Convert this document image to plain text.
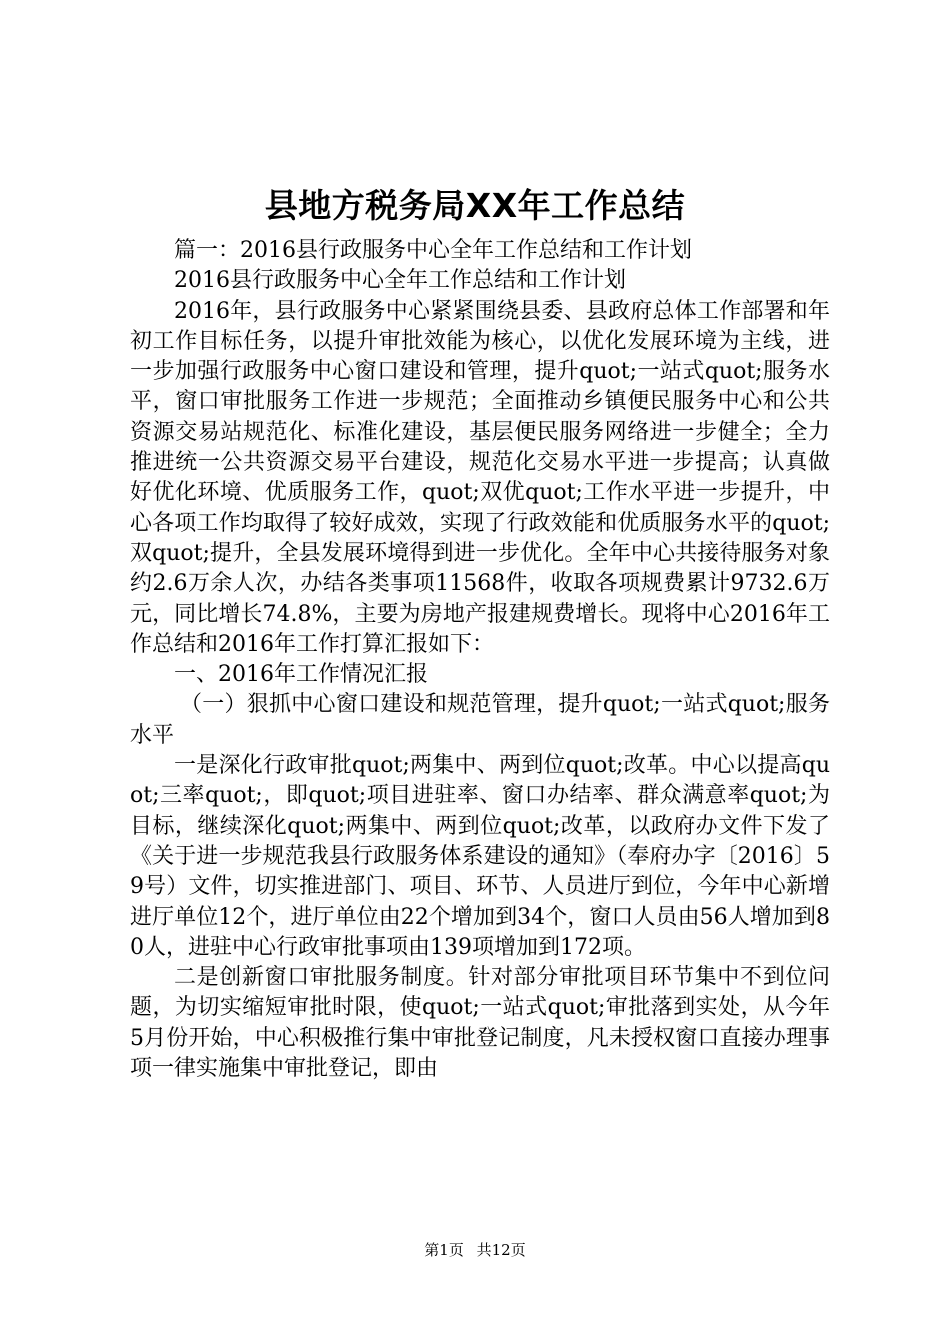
县地方税务局XX年工作总结

篇一：2016县行政服务中心全年工作总结和工作计划

2016县行政服务中心全年工作总结和工作计划

2016年，县行政服务中心紧紧围绕县委、县政府总体工作部署和年初工作目标任务，以提升审批效能为核心，以优化发展环境为主线，进一步加强行政服务中心窗口建设和管理，提升quot;一站式quot;服务水平，窗口审批服务工作进一步规范；全面推动乡镇便民服务中心和公共资源交易站规范化、标准化建设，基层便民服务网络进一步健全；全力推进统一公共资源交易平台建设，规范化交易水平进一步提高；认真做好优化环境、优质服务工作，quot;双优quot;工作水平进一步提升，中心各项工作均取得了较好成效，实现了行政效能和优质服务水平的quot;双quot;提升，全县发展环境得到进一步优化。全年中心共接待服务对象约2.6万余人次，办结各类事项11568件，收取各项规费累计9732.6万元，同比增长74.8%，主要为房地产报建规费增长。现将中心2016年工作总结和2016年工作打算汇报如下：

一、2016年工作情况汇报

（一）狠抓中心窗口建设和规范管理，提升quot;一站式quot;服务水平

一是深化行政审批quot;两集中、两到位quot;改革。中心以提高quot;三率quot;，即quot;项目进驻率、窗口办结率、群众满意率quot;为目标，继续深化quot;两集中、两到位quot;改革，以政府办文件下发了《关于进一步规范我县行政服务体系建设的通知》（奉府办字〔2016〕59号）文件，切实推进部门、项目、环节、人员进厅到位，今年中心新增进厅单位12个，进厅单位由22个增加到34个，窗口人员由56人增加到80人，进驻中心行政审批事项由139项增加到172项。

二是创新窗口审批服务制度。针对部分审批项目环节集中不到位问题，为切实缩短审批时限，使quot;一站式quot;审批落到实处，从今年5月份开始，中心积极推行集中审批登记制度，凡未授权窗口直接办理事项一律实施集中审批登记，即由

第1页 共12页
